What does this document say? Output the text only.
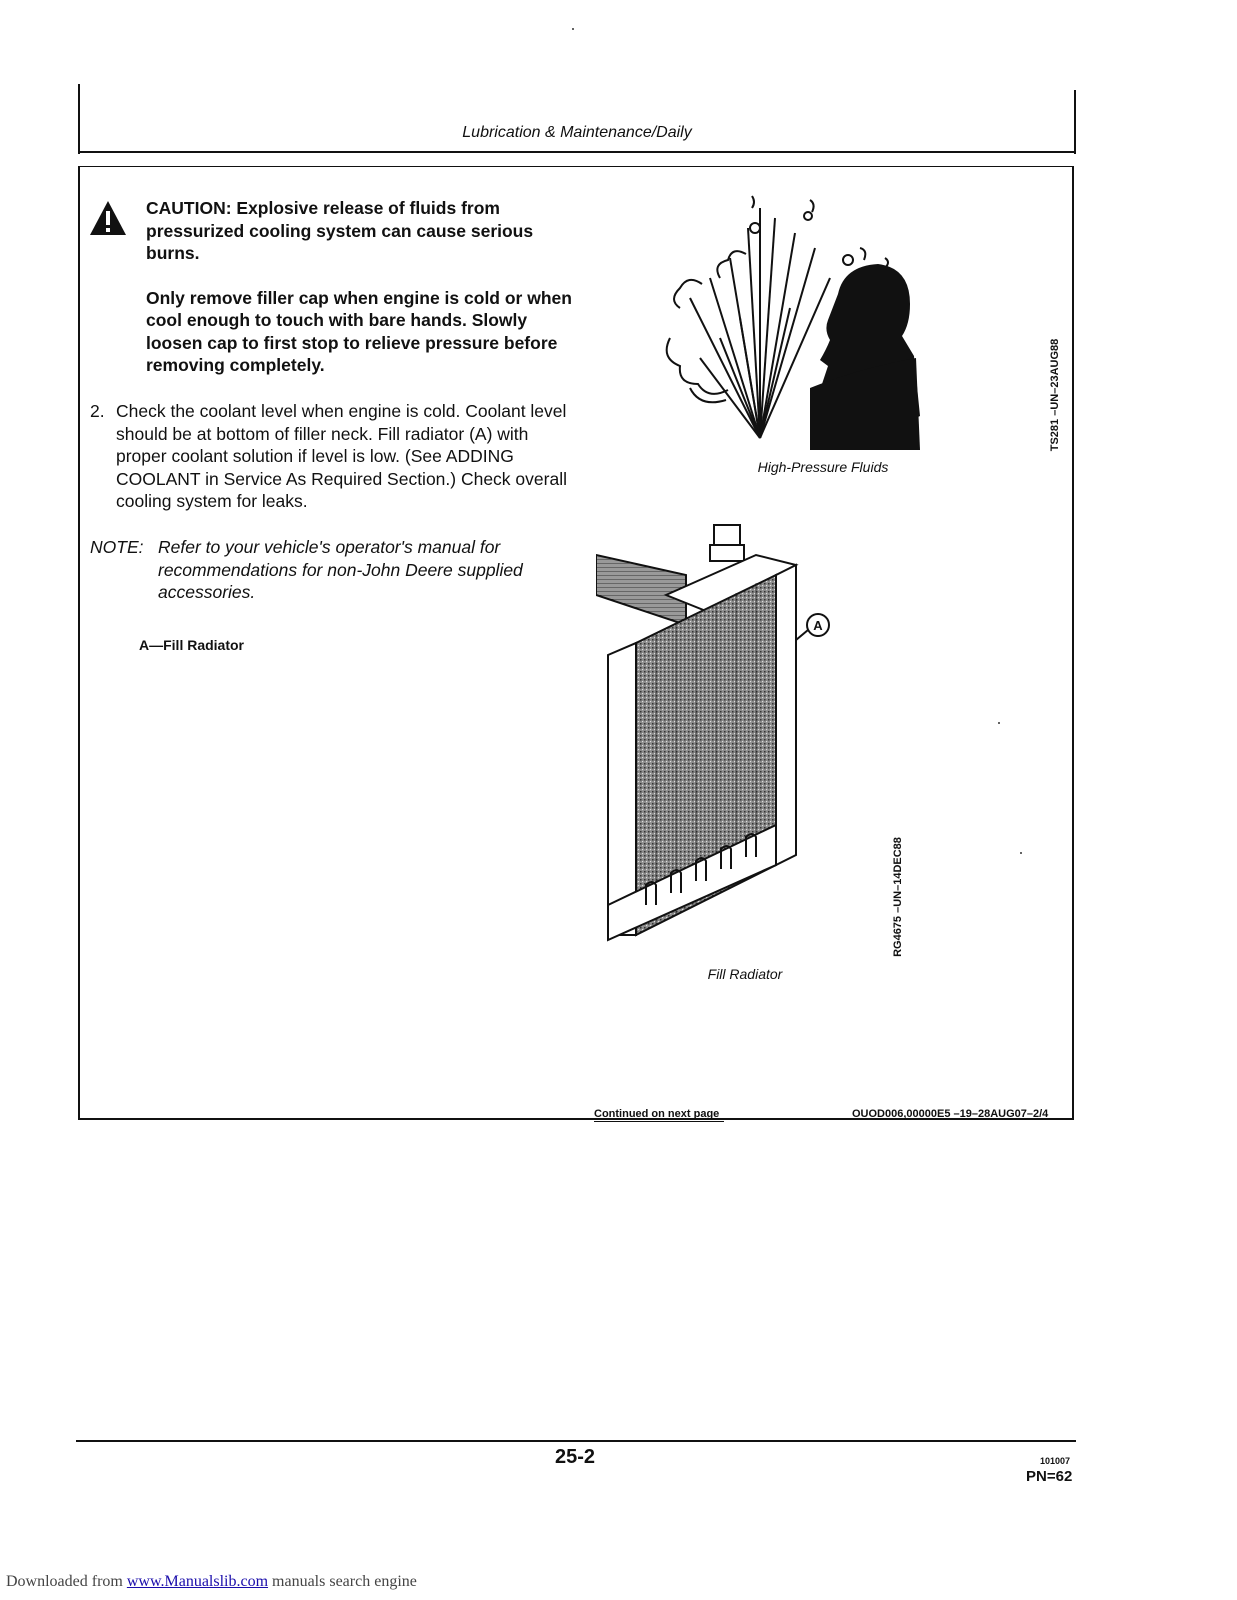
Lubrication & Maintenance/Daily

CAUTION: Explosive release of fluids from pressurized cooling system can cause serious burns.

Only remove filler cap when engine is cold or when cool enough to touch with bare hands. Slowly loosen cap to first stop to relieve pressure before removing completely.

2. Check the coolant level when engine is cold. Coolant level should be at bottom of filler neck. Fill radiator (A) with proper coolant solution if level is low. (See ADDING COOLANT in Service As Required Section.) Check overall cooling system for leaks.
NOTE: Refer to your vehicle's operator's manual for recommendations for non-John Deere supplied accessories.
A—Fill Radiator
High-Pressure Fluids
TS281 –UN–23AUG88
A
Fill Radiator
RG4675 –UN–14DEC88
Continued on next page	OUOD006,00000E5 –19–28AUG07–2/4
25-2	101007
PN=62
Downloaded from www.Manualslib.com manuals search engine
